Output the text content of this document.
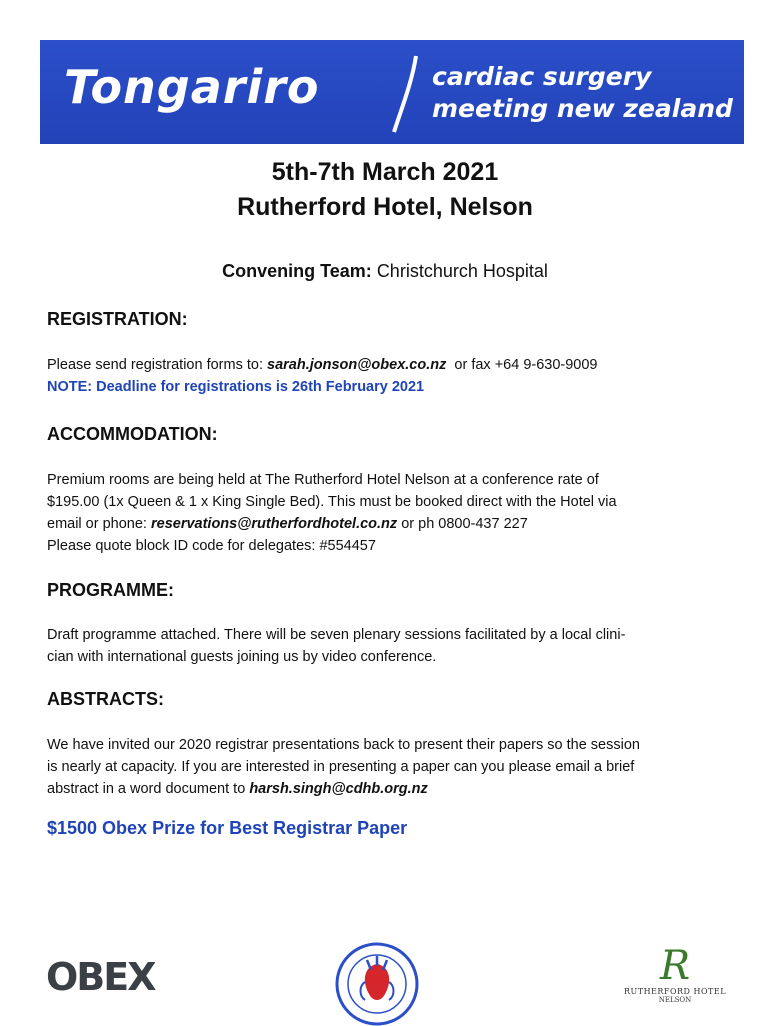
Tongariro	cardiac surgery
meeting new zealand
5th-7th March 2021
Rutherford Hotel, Nelson
Convening Team: Christchurch Hospital
REGISTRATION:
Please send registration forms to: sarah.jonson@obex.co.nz or fax +64 9-630-9009
NOTE: Deadline for registrations is 26th February 2021
ACCOMMODATION:
Premium rooms are being held at The Rutherford Hotel Nelson at a conference rate of
$195.00 (1x Queen & 1 x King Single Bed). This must be booked direct with the Hotel via
email or phone: reservations@rutherfordhotel.co.nz or ph 0800-437 227
Please quote block ID code for delegates: #554457
PROGRAMME:
Draft programme attached. There will be seven plenary sessions facilitated by a local clini-
cian with international guests joining us by video conference.
ABSTRACTS:
We have invited our 2020 registrar presentations back to present their papers so the session
is nearly at capacity. If you are interested in presenting a paper can you please email a brief
abstract in a word document to harsh.singh@cdhb.org.nz
$1500 Obex Prize for Best Registrar Paper
OBEX	R
RUTHERFORD HOTEL
NELSON
